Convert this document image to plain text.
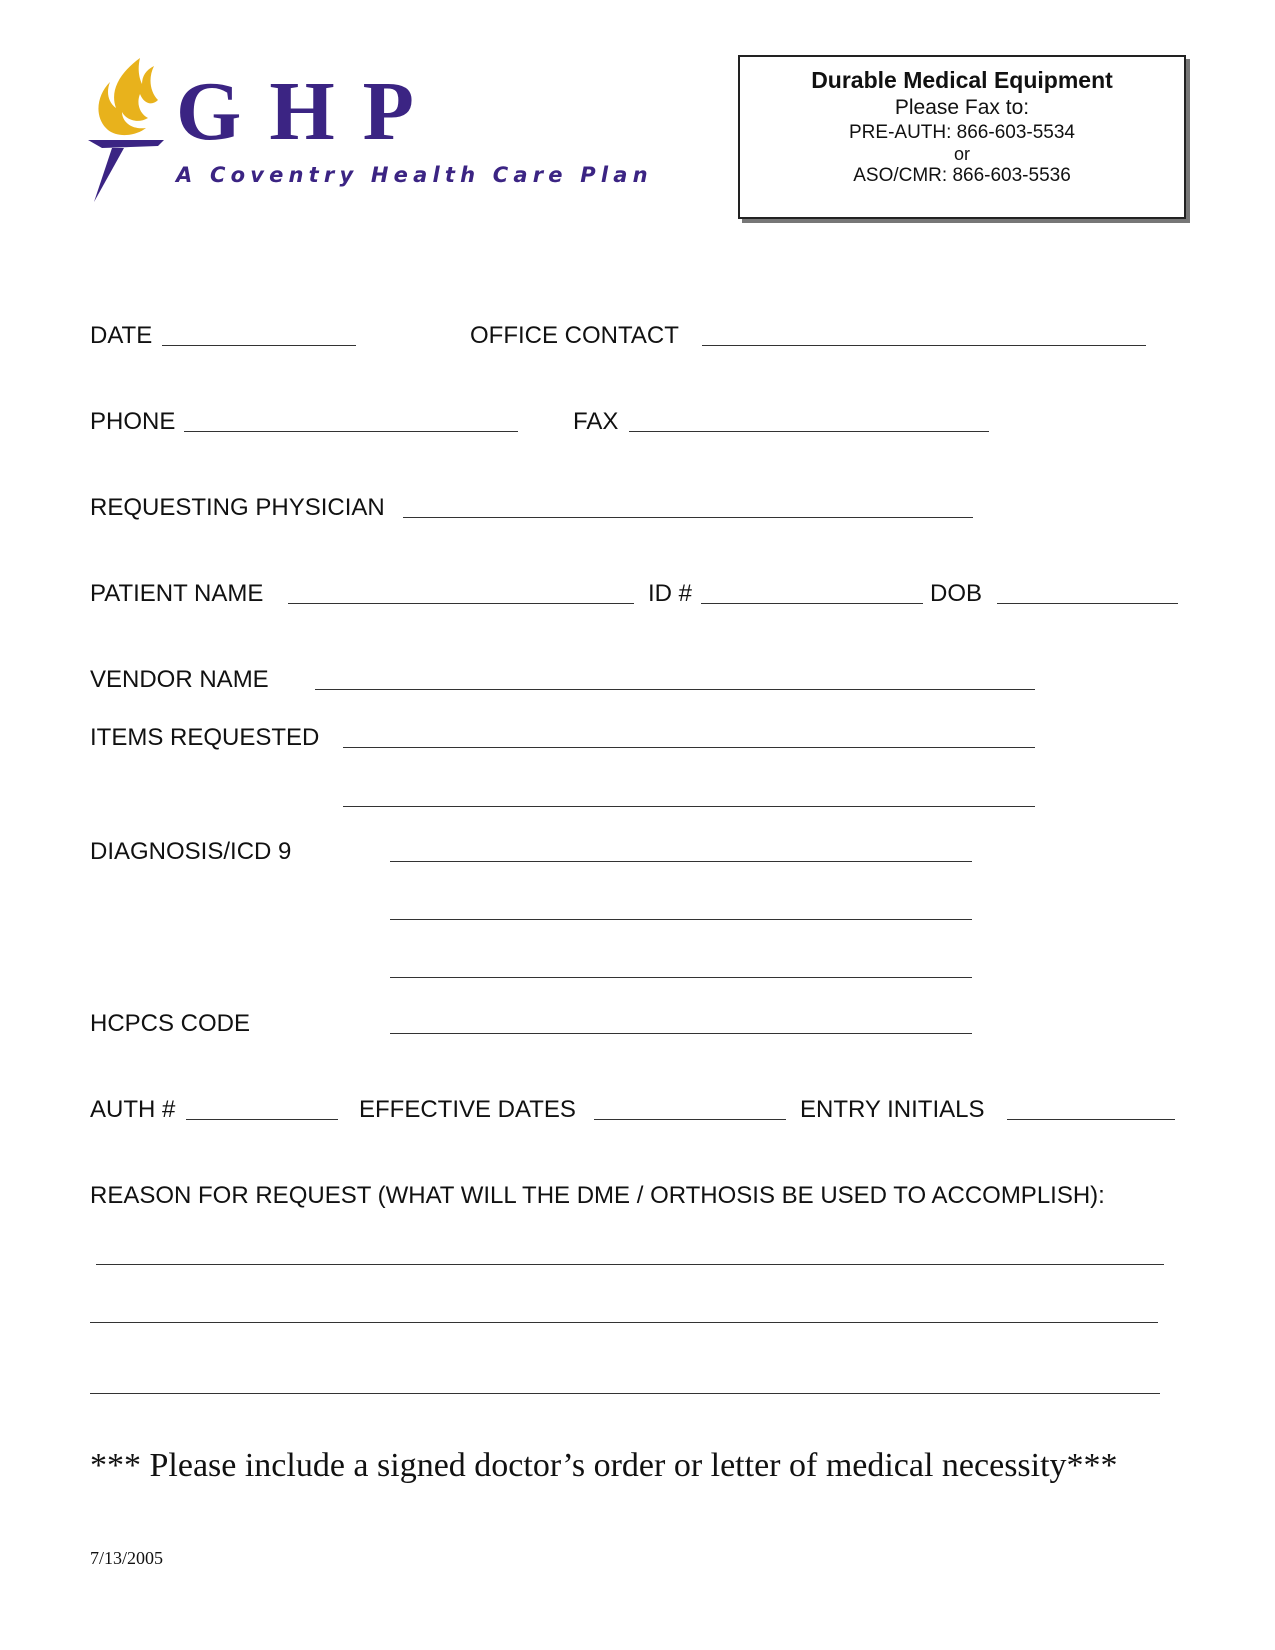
GHP
A Coventry Health Care Plan
Durable Medical Equipment
Please Fax to:
PRE-AUTH: 866-603-5534
or
ASO/CMR: 866-603-5536
DATE	OFFICE CONTACT
PHONE	FAX
REQUESTING PHYSICIAN
PATIENT NAME	ID #	DOB
VENDOR NAME
ITEMS REQUESTED
DIAGNOSIS/ICD 9
HCPCS CODE
AUTH #	EFFECTIVE DATES	ENTRY INITIALS
REASON FOR REQUEST (WHAT WILL THE DME / ORTHOSIS BE USED TO ACCOMPLISH):
*** Please include a signed doctor’s order or letter of medical necessity***
7/13/2005
